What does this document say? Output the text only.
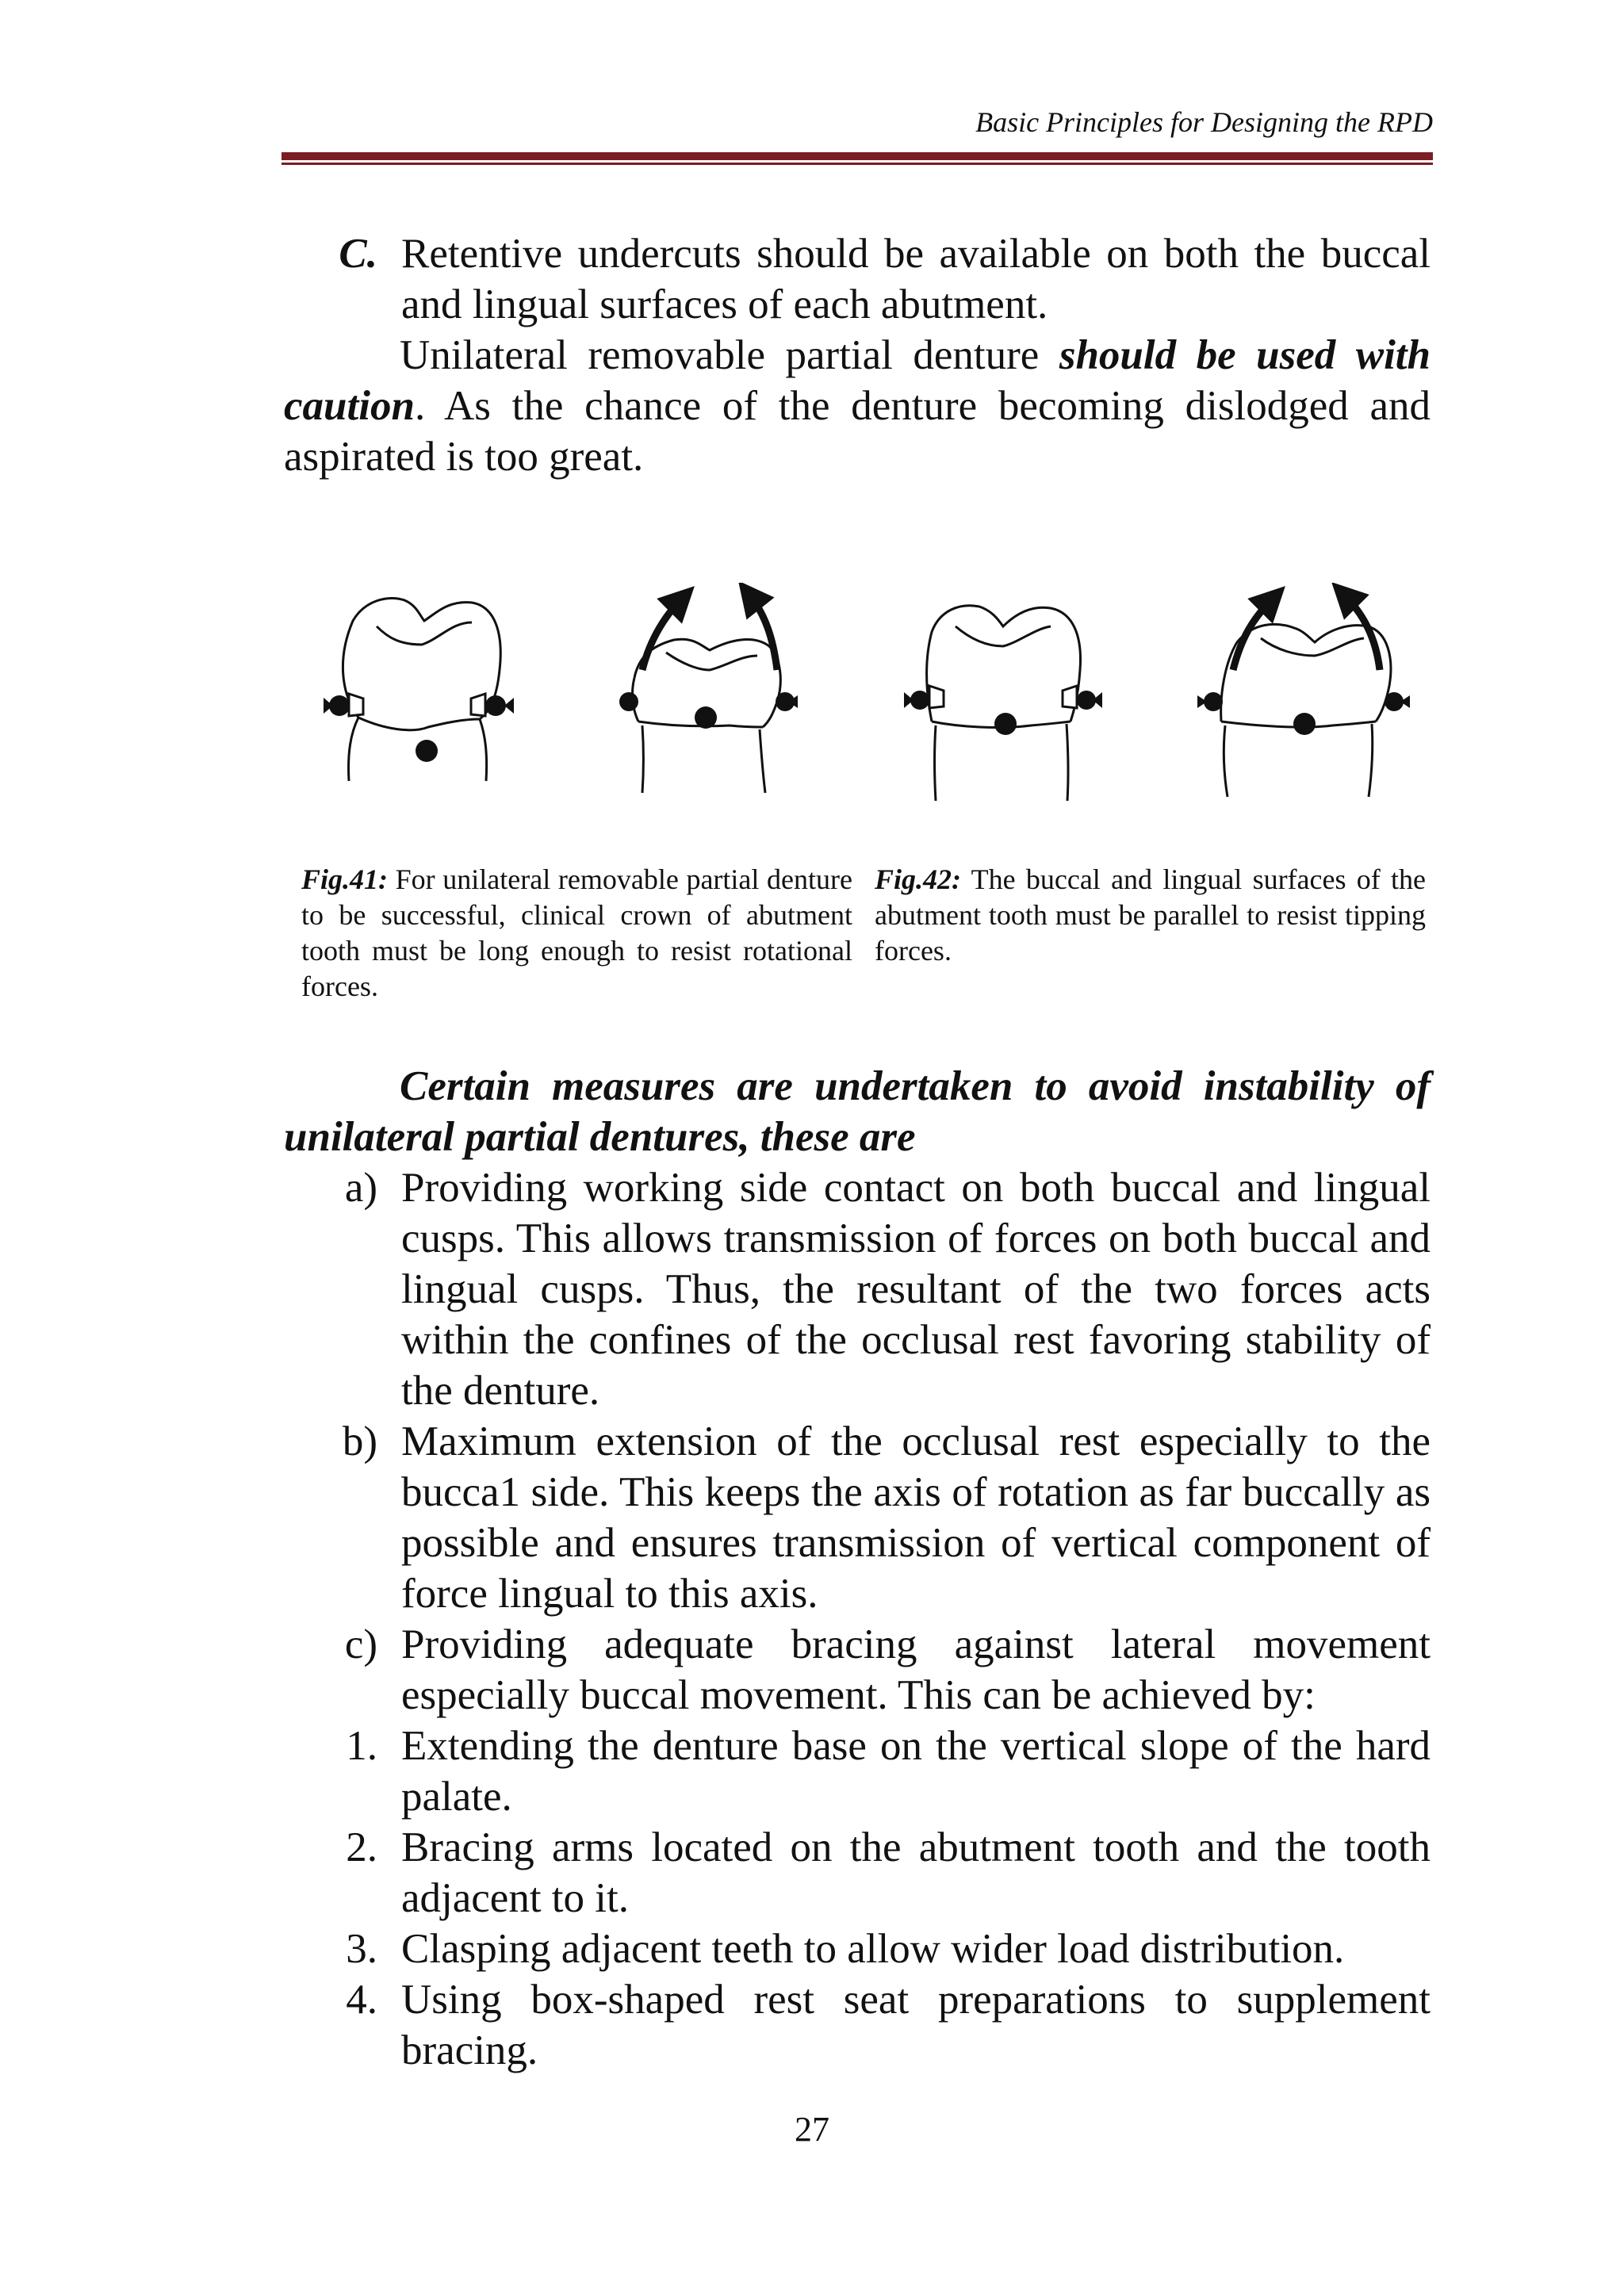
Basic Principles for Designing the RPD

C. Retentive undercuts should be available on both the buccal and lingual surfaces of each abutment.

Unilateral removable partial denture should be used with caution. As the chance of the denture becoming dislodged and aspirated is too great.

Fig.41: For unilateral removable partial denture to be successful, clinical crown of abutment tooth must be long enough to resist rotational forces.
Fig.42: The buccal and lingual surfaces of the abutment tooth must be parallel to resist tipping forces.

Certain measures are undertaken to avoid instability of unilateral partial dentures, these are

a) Providing working side contact on both buccal and lingual cusps. This allows transmission of forces on both buccal and lingual cusps. Thus, the resultant of the two forces acts within the confines of the occlusal rest favoring stability of the denture.

b) Maximum extension of the occlusal rest especially to the bucca1 side. This keeps the axis of rotation as far buccally as possible and ensures transmission of vertical component of force lingual to this axis.

c) Providing adequate bracing against lateral movement especially buccal movement. This can be achieved by:

1. Extending the denture base on the vertical slope of the hard palate.

2. Bracing arms located on the abutment tooth and the tooth adjacent to it.

3. Clasping adjacent teeth to allow wider load distribution.

4. Using box-shaped rest seat preparations to supplement bracing.

27
